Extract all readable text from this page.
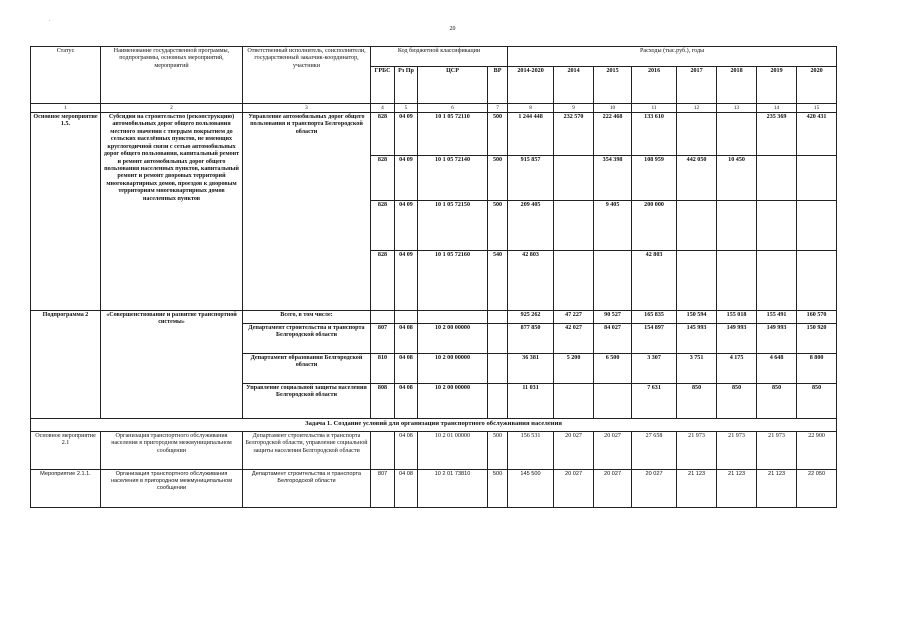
.
20
Статус	Наименование государственной программы, подпрограммы, основных мероприятий, мероприятий	Ответственный исполнитель, соисполнители, государственный заказчик-координатор, участники	Код бюджетной классификации				Расходы (тыс.руб.), годы							
			ГРБС	Рз Пр	ЦСР	ВР	2014-2020	2014	2015	2016	2017	2018	2019	2020
1	2	3	4	5	6	7	8	9	10	11	12	13	14	15
Основное мероприятие 1.5.	Субсидии на строительство (реконструкцию) автомобильных дорог общего пользования местного значения с твердым покрытием до сельских населённых пунктов, не имеющих круглогодичной связи с сетью автомобильных дорог общего пользования, капитальный ремонт и ремонт автомобильных дорог общего пользования населенных пунктов, капитальный ремонт и ремонт дворовых территорий многоквартирных домов, проездов к дворовым территориям многоквартирных домов населенных пунктов	Управление автомобильных дорог общего пользования и транспорта Белгородской области	828	04 09	10 1 05 72110	500	1 244 448	232 570	222 468	133 610			235 369	420 431
			828	04 09	10 1 05 72140	500	915 857		354 398	108 959	442 050	10 450		
			828	04 09	10 1 05 72150	500	209 405		9 405	200 000				
			828	04 09	10 1 05 72160	540	42 803			42 803				
Подпрограмма 2	«Совершенствование и развитие транспортной системы»	Всего, в том числе:					925 262	47 227	90 527	165 835	150 594	155 018	155 491	160 570
		Департамент строительства и транспорта Белгородской области	807	04 08	10 2 00 00000		877 850	42 027	84 027	154 897	145 993	149 993	149 993	150 920
		Департамент образования Белгородской области	810	04 08	10 2 00 00000		36 381	5 200	6 500	3 307	3 751	4 175	4 648	8 800
		Управление социальной защиты населения Белгородской области	808	04 08	10 2 00 00000		11 031			7 631	850	850	850	850
Задача 1. Создание условий для организации транспортного обслуживания населения														
Основное мероприятие 2.1	Организация транспортного обслуживания населения в пригородном межмуниципальном сообщении	Департамент строительства и транспорта Белгородской области, управление социальной защиты населения Белгородской области		04 08	10 2 01 00000	500	156 531	20 027	20 027	27 658	21 973	21 973	21 973	22 900
Мероприятие 2.1.1.	Организация транспортного обслуживания населения в пригородном межмуниципальном сообщении	Департамент строительства и транспорта Белгородской области	807	04 08	10 2 01 73810	500	145 500	20 027	20 027	20 027	21 123	21 123	21 123	22 050
